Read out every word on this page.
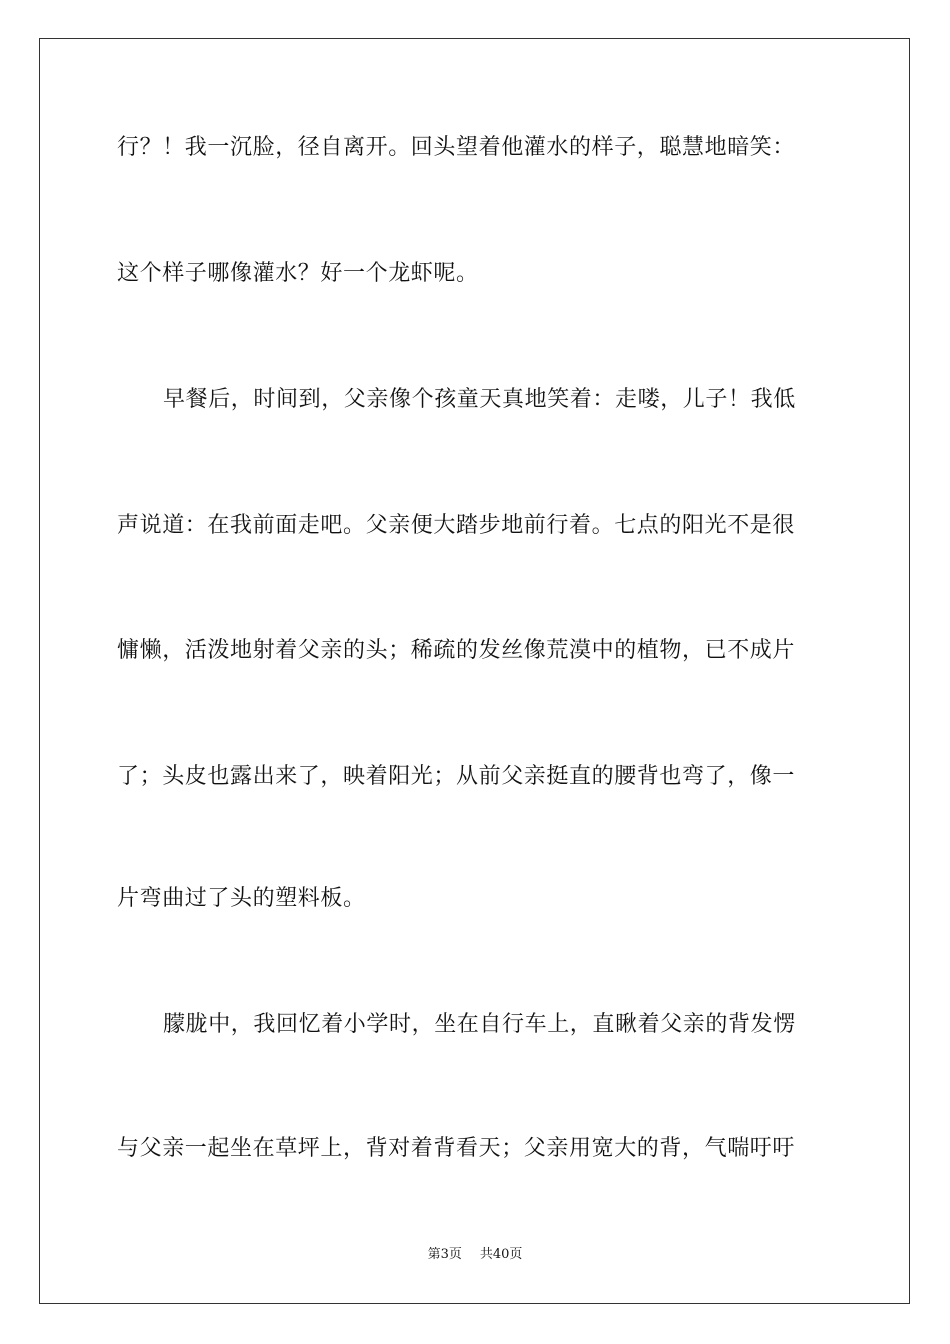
行？！我一沉脸，径自离开。回头望着他灌水的样子，聪慧地暗笑：
这个样子哪像灌水？好一个龙虾呢。
早餐后，时间到，父亲像个孩童天真地笑着：走喽，儿子！我低
声说道：在我前面走吧。父亲便大踏步地前行着。七点的阳光不是很
慵懒，活泼地射着父亲的头；稀疏的发丝像荒漠中的植物，已不成片
了；头皮也露出来了，映着阳光；从前父亲挺直的腰背也弯了，像一
片弯曲过了头的塑料板。
朦胧中，我回忆着小学时，坐在自行车上，直瞅着父亲的背发愣
与父亲一起坐在草坪上，背对着背看天；父亲用宽大的背，气喘吁吁
第3页 共40页
